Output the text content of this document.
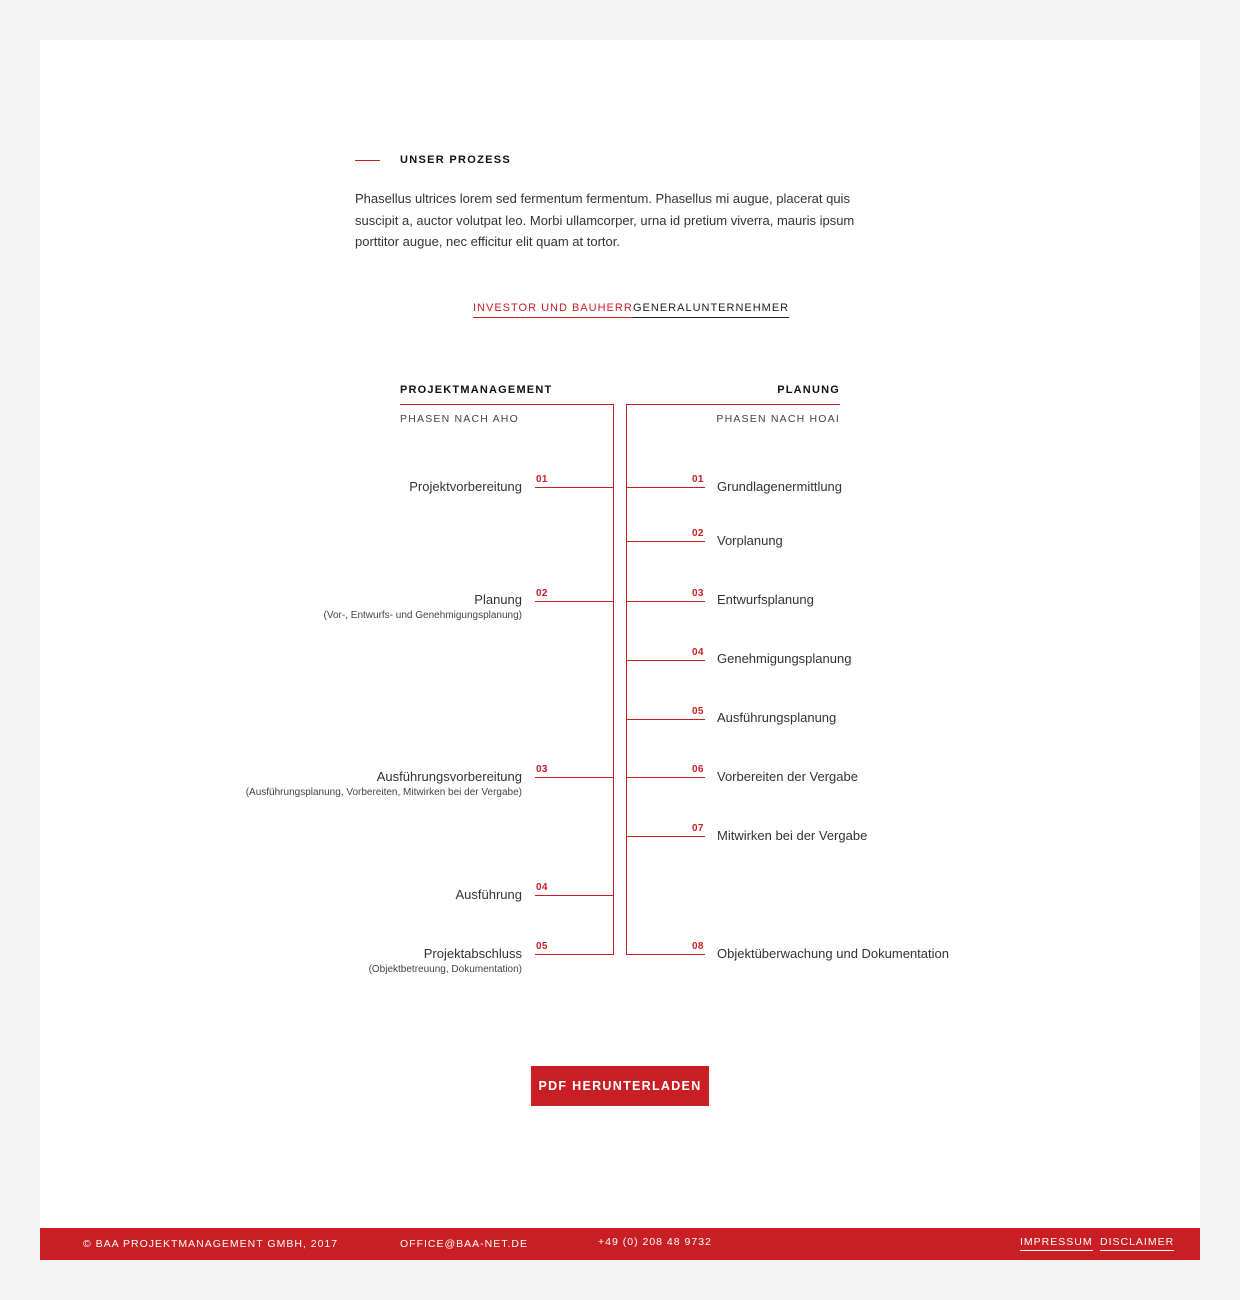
UNSER PROZESS

Phasellus ultrices lorem sed fermentum fermentum. Phasellus mi augue, placerat quis suscipit a, auctor volutpat leo. Morbi ullamcorper, urna id pretium viverra, mauris ipsum porttitor augue, nec efficitur elit quam at tortor.

INVESTOR UND BAUHERR GENERALUNTERNEHMER
PROJEKTMANAGEMENT
PHASEN NACH AHO
PLANUNG
PHASEN NACH HOAI
01
Projektvorbereitung
02
Planung
(Vor-, Entwurfs- und Genehmigungsplanung)
03
Ausführungsvorbereitung
(Ausführungsplanung, Vorbereiten, Mitwirken bei der Vergabe)
04
Ausführung
05
Projektabschluss
(Objektbetreuung, Dokumentation)
01 Grundlagenermittlung
02 Vorplanung
03 Entwurfsplanung
04 Genehmigungsplanung
05 Ausführungsplanung
06 Vorbereiten der Vergabe
07 Mitwirken bei der Vergabe
08 Objektüberwachung und Dokumentation
PDF HERUNTERLADEN
© BAA PROJEKTMANAGEMENT GMBH, 2017	OFFICE@BAA-NET.DE	+49 (0) 208 48 9732	IMPRESSUM DISCLAIMER
